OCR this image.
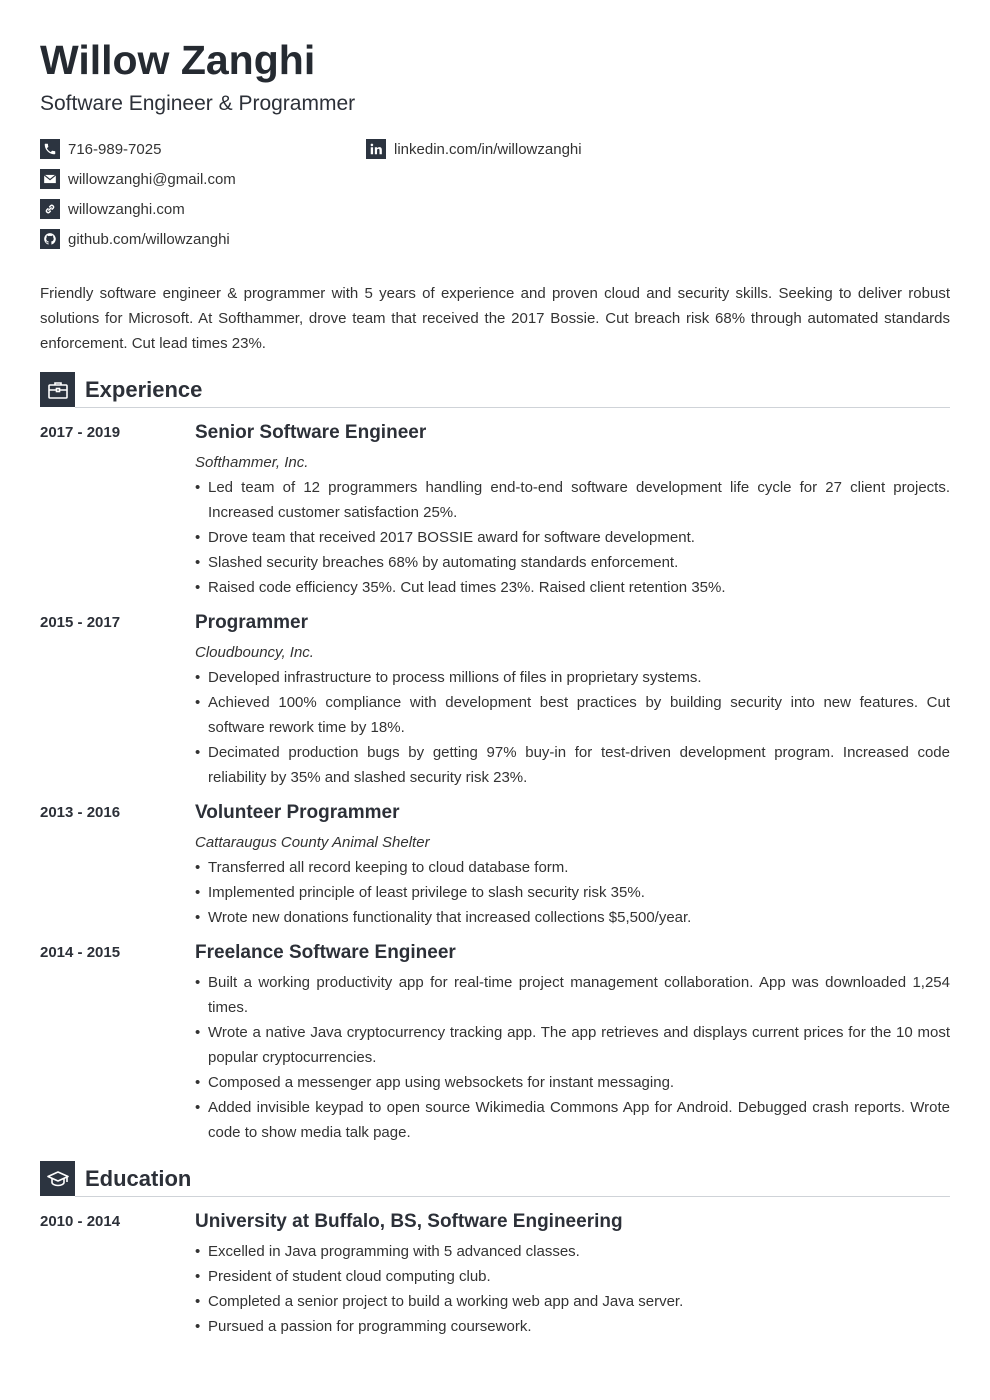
Willow Zanghi

Software Engineer & Programmer

716-989-7025
willowzanghi@gmail.com
willowzanghi.com
github.com/willowzanghi
linkedin.com/in/willowzanghi

Friendly software engineer & programmer with 5 years of experience and proven cloud and security skills. Seeking to deliver robust solutions for Microsoft. At Softhammer, drove team that received the 2017 Bossie. Cut breach risk 68% through automated standards enforcement. Cut lead times 23%.

Experience
2017 - 2019	Senior Software Engineer

Softhammer, Inc.

• Led team of 12 programmers handling end-to-end software development life cycle for 27 client projects. Increased customer satisfaction 25%.
• Drove team that received 2017 BOSSIE award for software development.
• Slashed security breaches 68% by automating standards enforcement.
• Raised code efficiency 35%. Cut lead times 23%. Raised client retention 35%.
2015 - 2017	Programmer

Cloudbouncy, Inc.

• Developed infrastructure to process millions of files in proprietary systems.
• Achieved 100% compliance with development best practices by building security into new features. Cut software rework time by 18%.
• Decimated production bugs by getting 97% buy-in for test-driven development program. Increased code reliability by 35% and slashed security risk 23%.
2013 - 2016	Volunteer Programmer

Cattaraugus County Animal Shelter

• Transferred all record keeping to cloud database form.
• Implemented principle of least privilege to slash security risk 35%.
• Wrote new donations functionality that increased collections $5,500/year.
2014 - 2015	Freelance Software Engineer
• Built a working productivity app for real-time project management collaboration. App was downloaded 1,254 times.
• Wrote a native Java cryptocurrency tracking app. The app retrieves and displays current prices for the 10 most popular cryptocurrencies.
• Composed a messenger app using websockets for instant messaging.
• Added invisible keypad to open source Wikimedia Commons App for Android. Debugged crash reports. Wrote code to show media talk page.
Education
2010 - 2014	University at Buffalo, BS, Software Engineering
• Excelled in Java programming with 5 advanced classes.
• President of student cloud computing club.
• Completed a senior project to build a working web app and Java server.
• Pursued a passion for programming coursework.
